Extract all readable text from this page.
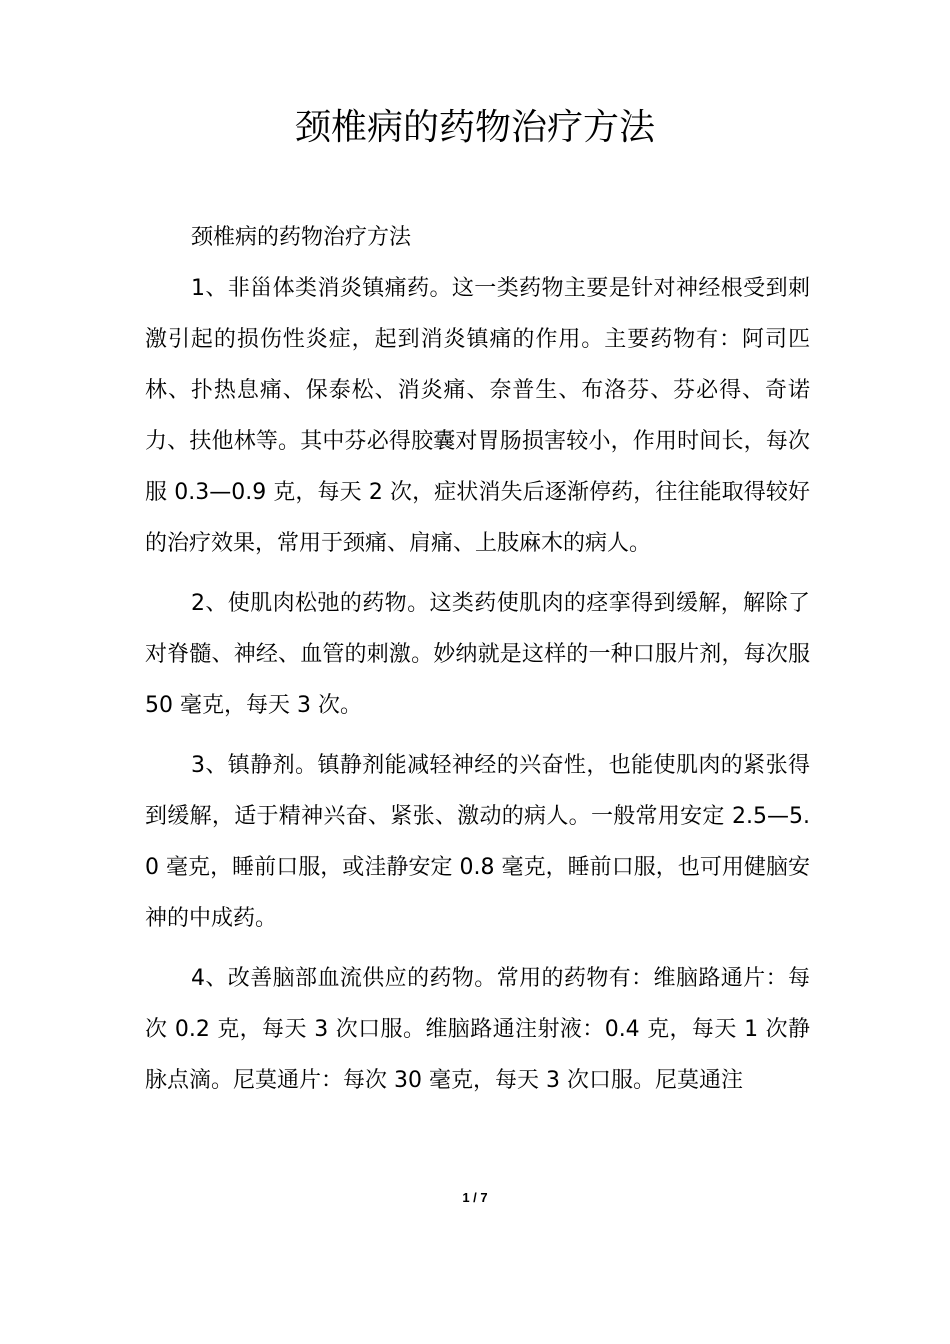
颈椎病的药物治疗方法

颈椎病的药物治疗方法

1、非甾体类消炎镇痛药。这一类药物主要是针对神经根受到刺激引起的损伤性炎症，起到消炎镇痛的作用。主要药物有：阿司匹林、扑热息痛、保泰松、消炎痛、奈普生、布洛芬、芬必得、奇诺力、扶他林等。其中芬必得胶囊对胃肠损害较小，作用时间长，每次服 0.3—0.9 克，每天 2 次，症状消失后逐渐停药，往往能取得较好的治疗效果，常用于颈痛、肩痛、上肢麻木的病人。

2、使肌肉松弛的药物。这类药使肌肉的痉挛得到缓解，解除了对脊髓、神经、血管的刺激。妙纳就是这样的一种口服片剂，每次服 50 毫克，每天 3 次。

3、镇静剂。镇静剂能减轻神经的兴奋性，也能使肌肉的紧张得到缓解，适于精神兴奋、紧张、激动的病人。一般常用安定 2.5—5.0 毫克，睡前口服，或洼静安定 0.8 毫克，睡前口服，也可用健脑安神的中成药。

4、改善脑部血流供应的药物。常用的药物有：维脑路通片：每次 0.2 克，每天 3 次口服。维脑路通注射液：0.4 克，每天 1 次静脉点滴。尼莫通片：每次 30 毫克，每天 3 次口服。尼莫通注

1 / 7
